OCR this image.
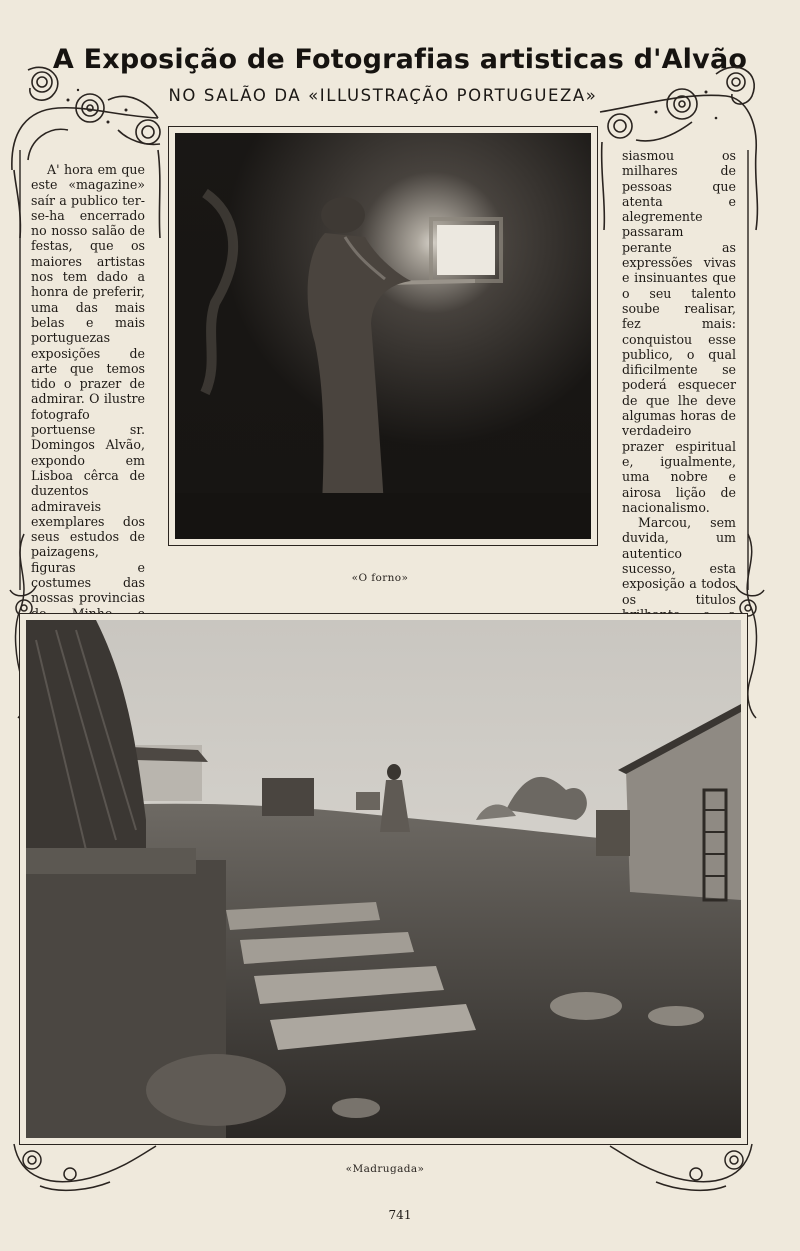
A Exposição de Fotografias artisticas d'Alvão
NO SALÃO DA «ILLUSTRAÇÃO PORTUGUEZA»

A' hora em que este «magazine» saír a publico ter-se-ha encerrado no nosso salão de festas, que os maiores artistas nos tem dado a honra de preferir, uma das mais belas e mais portuguezas exposições de arte que temos tido o prazer de admirar. O ilustre fotografo portuense sr. Domingos Alvão, expondo em Lisboa cêrca de duzentos admiraveis exemplares dos seus estudos de paizagens, figuras e costumes das nossas provincias

siasmou os milhares de pessoas que atenta e alegremente passaram perante as expressões vivas e insinuantes que o seu talento soube realisar, fez mais: conquistou esse publico, o qual dificilmente se poderá esquecer de que lhe deve algumas horas de verdadeiro prazer espiritual e, igualmente, uma nobre e airosa lição de nacionalismo.

Marcou, sem duvida, um autentico sucesso, esta exposição a todos os titulos

«O forno»
«Madrugada»
741
